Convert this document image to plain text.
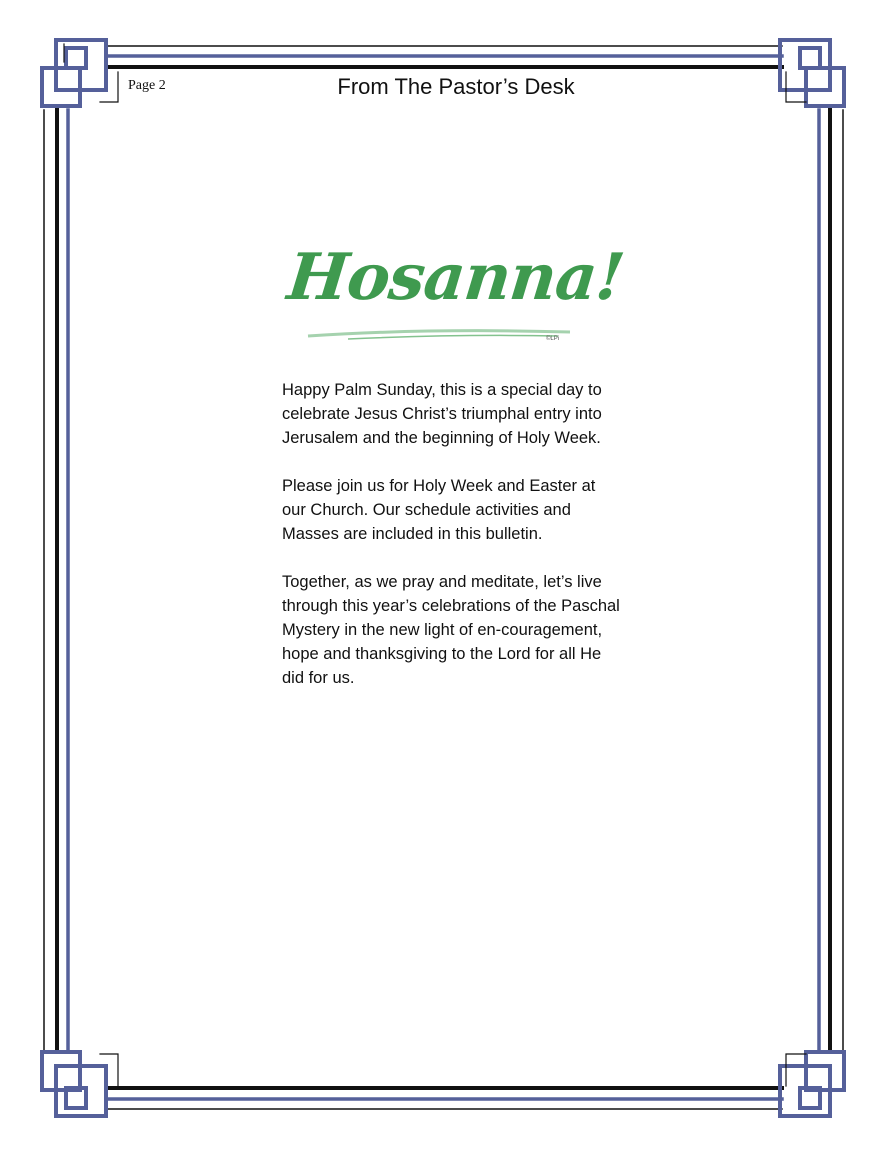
Page 2	From The Pastor’s Desk
Hosanna!
©LPi

Happy Palm Sunday, this is a special day to celebrate Jesus Christ’s triumphal entry into Jerusalem and the beginning of Holy Week.

Please join us for Holy Week and Easter at our Church. Our schedule activities and Masses are included in this bulletin.

Together, as we pray and meditate, let’s live through this year’s celebrations of the Paschal Mystery in the new light of en-couragement, hope and thanksgiving to the Lord for all He did for us.
